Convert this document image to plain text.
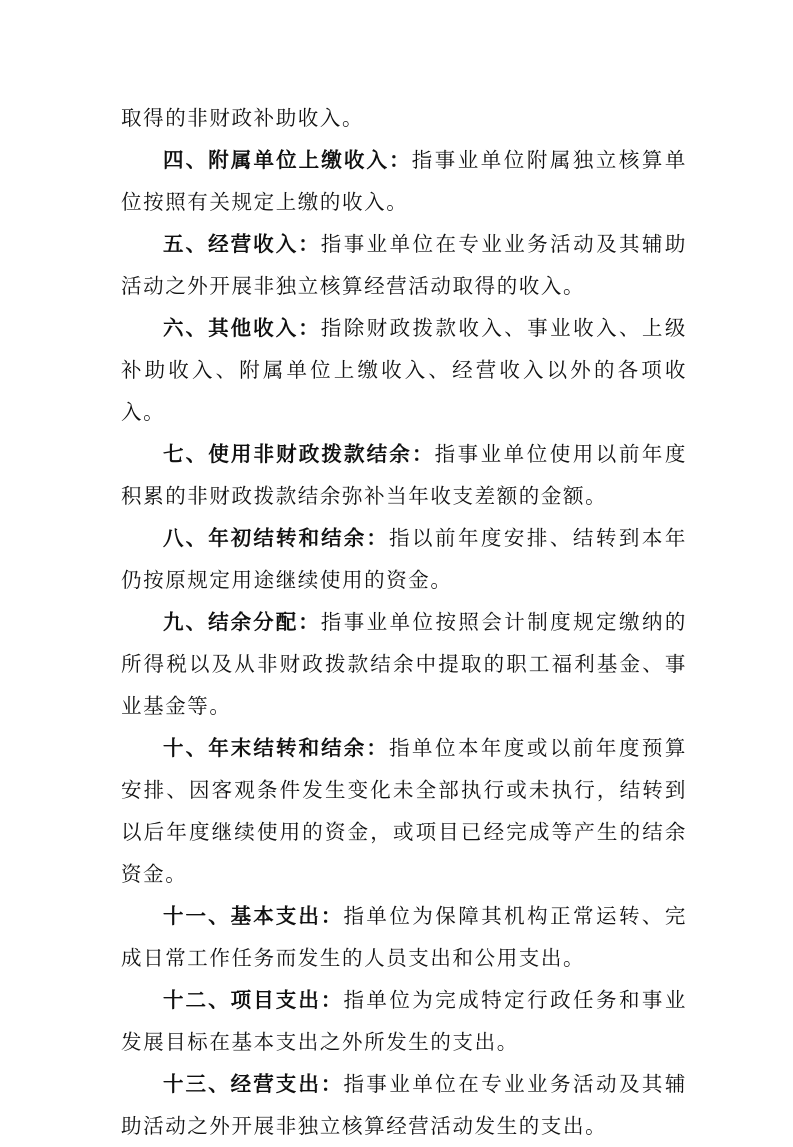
取得的非财政补助收入。

四、附属单位上缴收入：指事业单位附属独立核算单位按照有关规定上缴的收入。

五、经营收入：指事业单位在专业业务活动及其辅助活动之外开展非独立核算经营活动取得的收入。

六、其他收入：指除财政拨款收入、事业收入、上级补助收入、附属单位上缴收入、经营收入以外的各项收入。

七、使用非财政拨款结余：指事业单位使用以前年度积累的非财政拨款结余弥补当年收支差额的金额。

八、年初结转和结余：指以前年度安排、结转到本年仍按原规定用途继续使用的资金。

九、结余分配：指事业单位按照会计制度规定缴纳的所得税以及从非财政拨款结余中提取的职工福利基金、事业基金等。

十、年末结转和结余：指单位本年度或以前年度预算安排、因客观条件发生变化未全部执行或未执行，结转到以后年度继续使用的资金，或项目已经完成等产生的结余资金。

十一、基本支出：指单位为保障其机构正常运转、完成日常工作任务而发生的人员支出和公用支出。

十二、项目支出：指单位为完成特定行政任务和事业发展目标在基本支出之外所发生的支出。

十三、经营支出：指事业单位在专业业务活动及其辅助活动之外开展非独立核算经营活动发生的支出。
